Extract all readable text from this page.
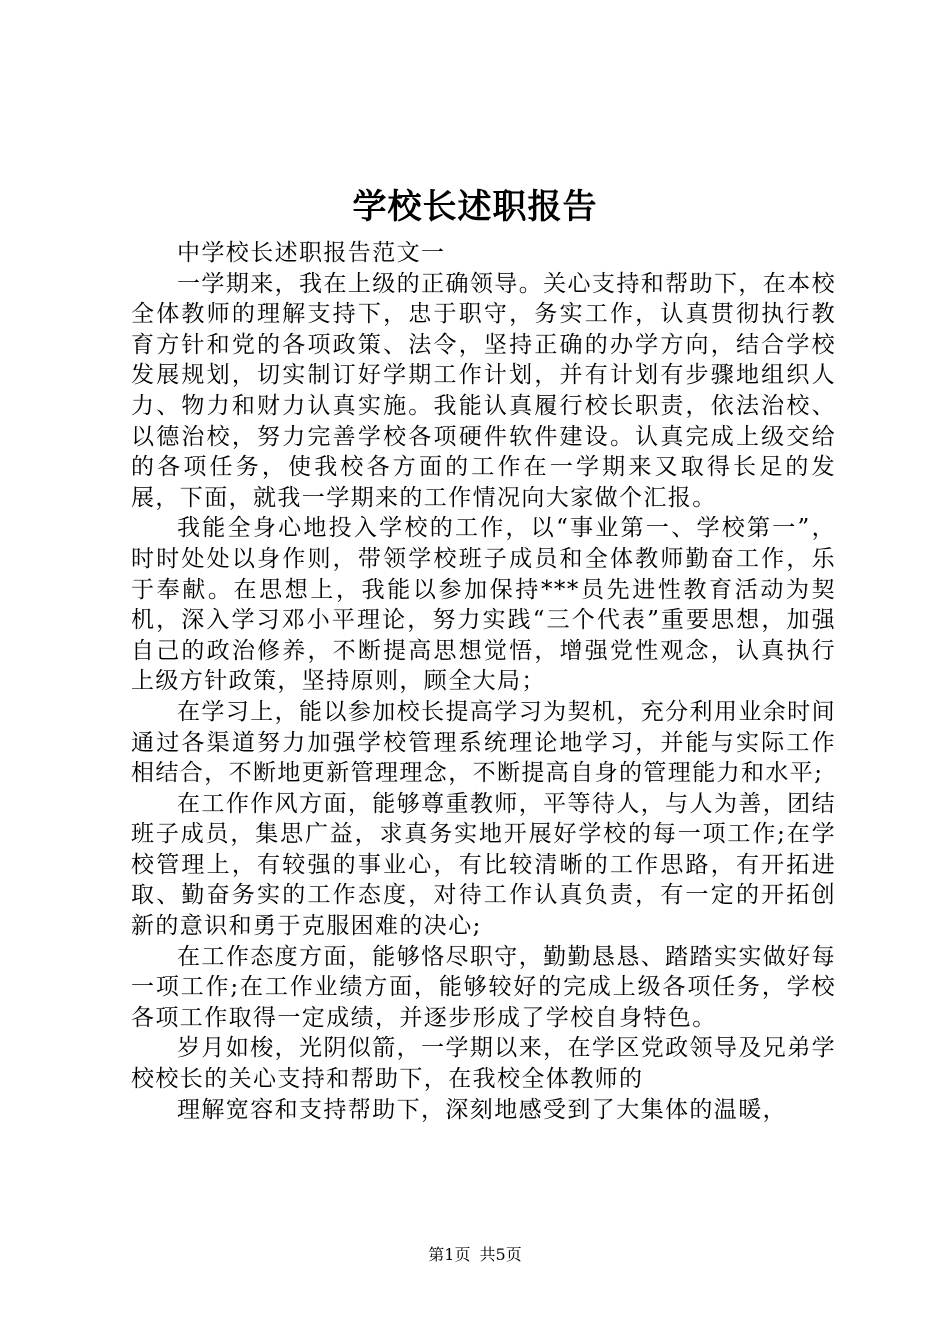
学校长述职报告

中学校长述职报告范文一

一学期来，我在上级的正确领导。关心支持和帮助下，在本校全体教师的理解支持下，忠于职守，务实工作，认真贯彻执行教育方针和党的各项政策、法令，坚持正确的办学方向，结合学校发展规划，切实制订好学期工作计划，并有计划有步骤地组织人力、物力和财力认真实施。我能认真履行校长职责，依法治校、以德治校，努力完善学校各项硬件软件建设。认真完成上级交给的各项任务，使我校各方面的工作在一学期来又取得长足的发展，下面，就我一学期来的工作情况向大家做个汇报。

我能全身心地投入学校的工作，以“事业第一、学校第一”，时时处处以身作则，带领学校班子成员和全体教师勤奋工作，乐于奉献。在思想上，我能以参加保持***员先进性教育活动为契机，深入学习邓小平理论，努力实践“三个代表”重要思想，加强自己的政治修养，不断提高思想觉悟，增强党性观念，认真执行上级方针政策，坚持原则，顾全大局；

在学习上，能以参加校长提高学习为契机，充分利用业余时间通过各渠道努力加强学校管理系统理论地学习，并能与实际工作相结合，不断地更新管理理念，不断提高自身的管理能力和水平;

在工作作风方面，能够尊重教师，平等待人，与人为善，团结班子成员，集思广益，求真务实地开展好学校的每一项工作;在学校管理上，有较强的事业心，有比较清晰的工作思路，有开拓进取、勤奋务实的工作态度，对待工作认真负责，有一定的开拓创新的意识和勇于克服困难的决心;

在工作态度方面，能够恪尽职守，勤勤恳恳、踏踏实实做好每一项工作;在工作业绩方面，能够较好的完成上级各项任务，学校各项工作取得一定成绩，并逐步形成了学校自身特色。

岁月如梭，光阴似箭，一学期以来，在学区党政领导及兄弟学校校长的关心支持和帮助下，在我校全体教师的

理解宽容和支持帮助下，深刻地感受到了大集体的温暖，

第1页 共5页
